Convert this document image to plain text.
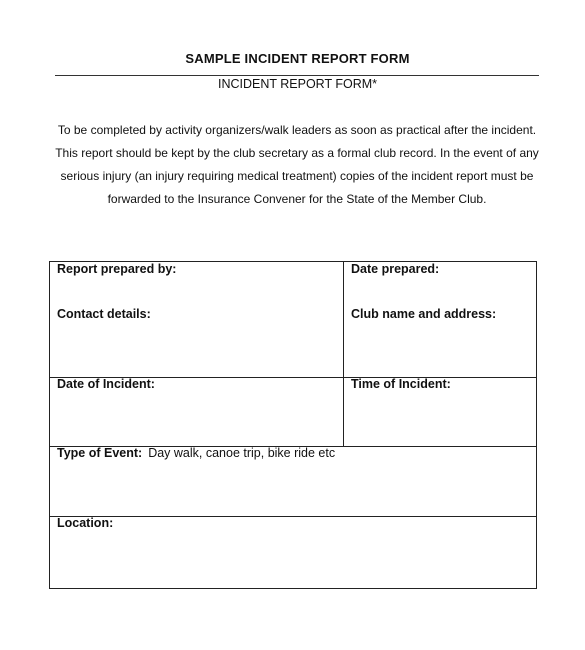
SAMPLE INCIDENT REPORT FORM
INCIDENT REPORT FORM*
To be completed by activity organizers/walk leaders as soon as practical after the incident. This report should be kept by the club secretary as a formal club record. In the event of any serious injury (an injury requiring medical treatment) copies of the incident report must be forwarded to the Insurance Convener for the State of the Member Club.
Report prepared by:
Contact details:
Date prepared:
Club name and address:
Date of Incident:	Time of Incident:
Type of Event: Day walk, canoe trip, bike ride etc
Location:
